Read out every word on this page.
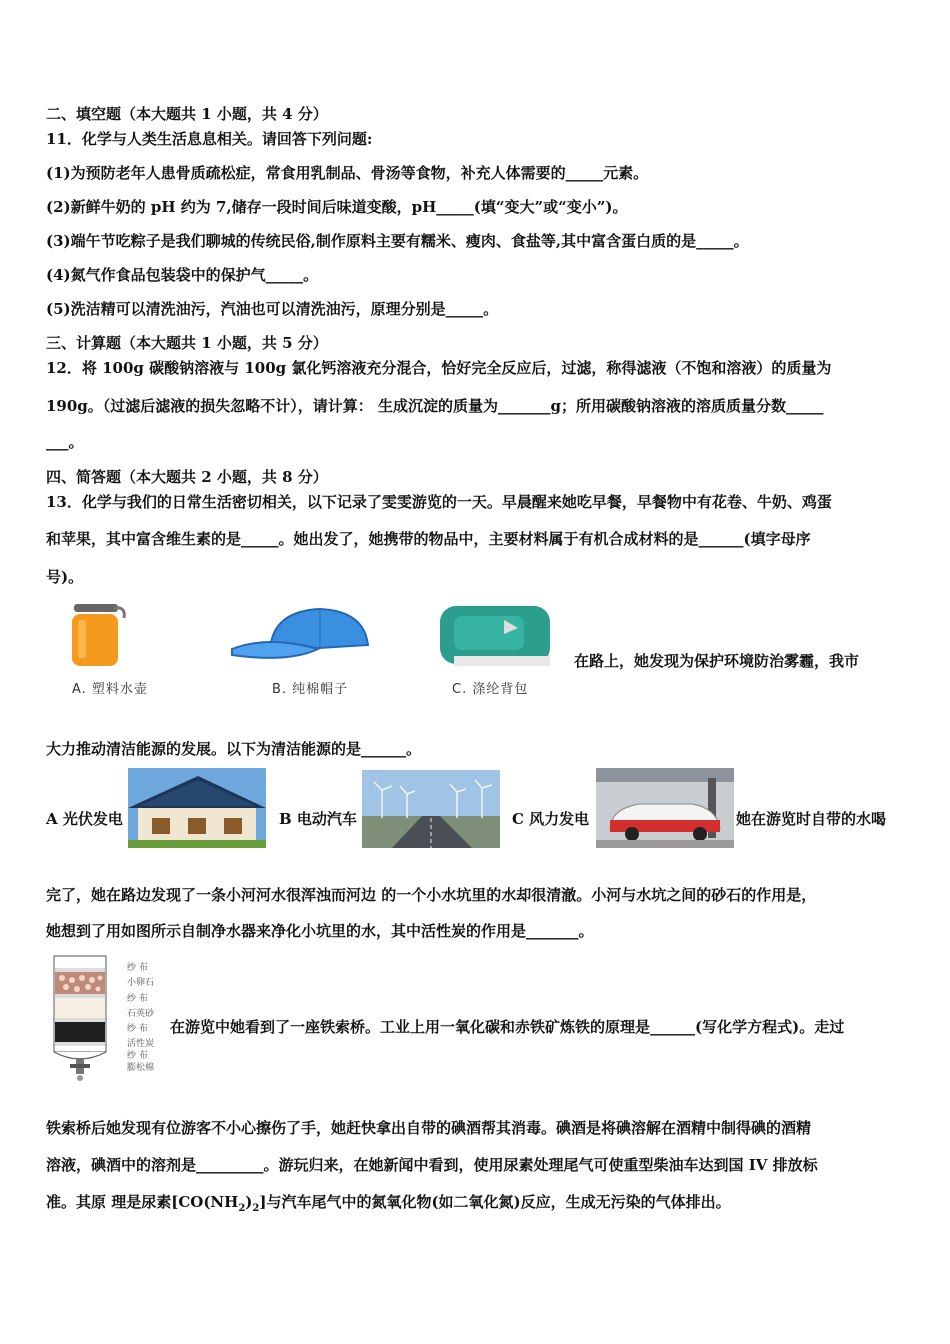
二、填空题（本大题共 1 小题，共 4 分）
11．化学与人类生活息息相关。请回答下列问题:
(1)为预防老年人患骨质疏松症，常食用乳制品、骨汤等食物，补充人体需要的_____元素。
(2)新鲜牛奶的 pH 约为 7,储存一段时间后味道变酸，pH_____(填“变大”或“变小”)。
(3)端午节吃粽子是我们聊城的传统民俗,制作原料主要有糯米、瘦肉、食盐等,其中富含蛋白质的是_____。
(4)氮气作食品包装袋中的保护气_____。
(5)洗洁精可以清洗油污，汽油也可以清洗油污，原理分别是_____。
三、计算题（本大题共 1 小题，共 5 分）
12．将 100g 碳酸钠溶液与 100g 氯化钙溶液充分混合，恰好完全反应后，过滤，称得滤液（不饱和溶液）的质量为
190g。（过滤后滤液的损失忽略不计），请计算： 生成沉淀的质量为_______g；所用碳酸钠溶液的溶质质量分数_____
___。
四、简答题（本大题共 2 小题，共 8 分）
13．化学与我们的日常生活密切相关，以下记录了雯雯游览的一天。早晨醒来她吃早餐，早餐物中有花卷、牛奶、鸡蛋
和苹果，其中富含维生素的是_____。她出发了，她携带的物品中，主要材料属于有机合成材料的是______(填字母序
号)。
A. 塑料水壶	B. 纯棉帽子	C. 涤纶背包
在路上，她发现为保护环境防治雾霾，我市
大力推动清洁能源的发展。以下为清洁能源的是______。
A 光伏发电	B 电动汽车	C 风力发电	她在游览时自带的水喝
完了，她在路边发现了一条小河河水很浑浊而河边 的一个小水坑里的水却很清澈。小河与水坑之间的砂石的作用是，
她想到了用如图所示自制净水器来净化小坑里的水，其中活性炭的作用是_______。
纱 布
小卵石
纱 布
石英砂
纱 布
活性炭
纱 布
膨松棉
在游览中她看到了一座铁索桥。工业上用一氧化碳和赤铁矿炼铁的原理是______(写化学方程式)。走过
铁索桥后她发现有位游客不小心擦伤了手，她赶快拿出自带的碘酒帮其消毒。碘酒是将碘溶解在酒精中制得碘的酒精
溶液，碘酒中的溶剂是_________。游玩归来，在她新闻中看到，使用尿素处理尾气可使重型柴油车达到国 IV 排放标
准。其原 理是尿素$[CO(NH_2)_2]$与汽车尾气中的氮氧化物(如二氧化氮)反应，生成无污染的气体排出。
